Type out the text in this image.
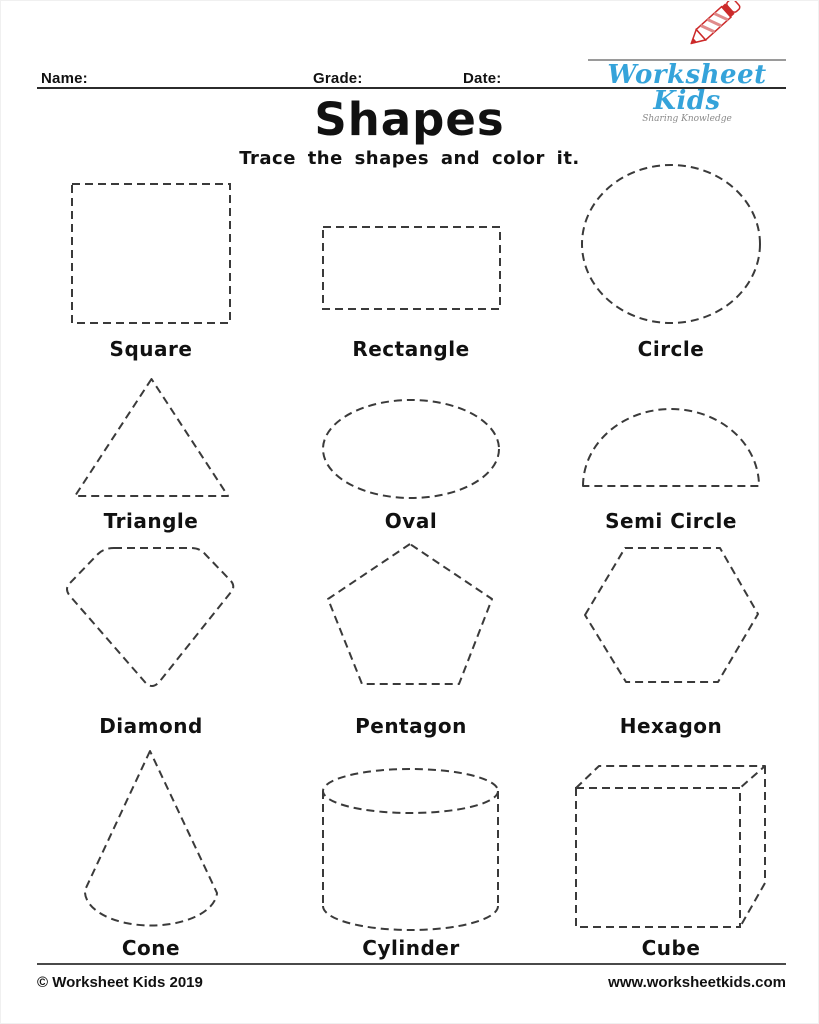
Name:	Grade:	Date:	Worksheet Kids
Sharing Knowledge
Shapes
Trace the shapes and color it.
Square	Rectangle	Circle
Triangle	Oval	Semi Circle
Diamond	Pentagon	Hexagon
Cone	Cylinder	Cube
© Worksheet Kids 2019	www.worksheetkids.com
